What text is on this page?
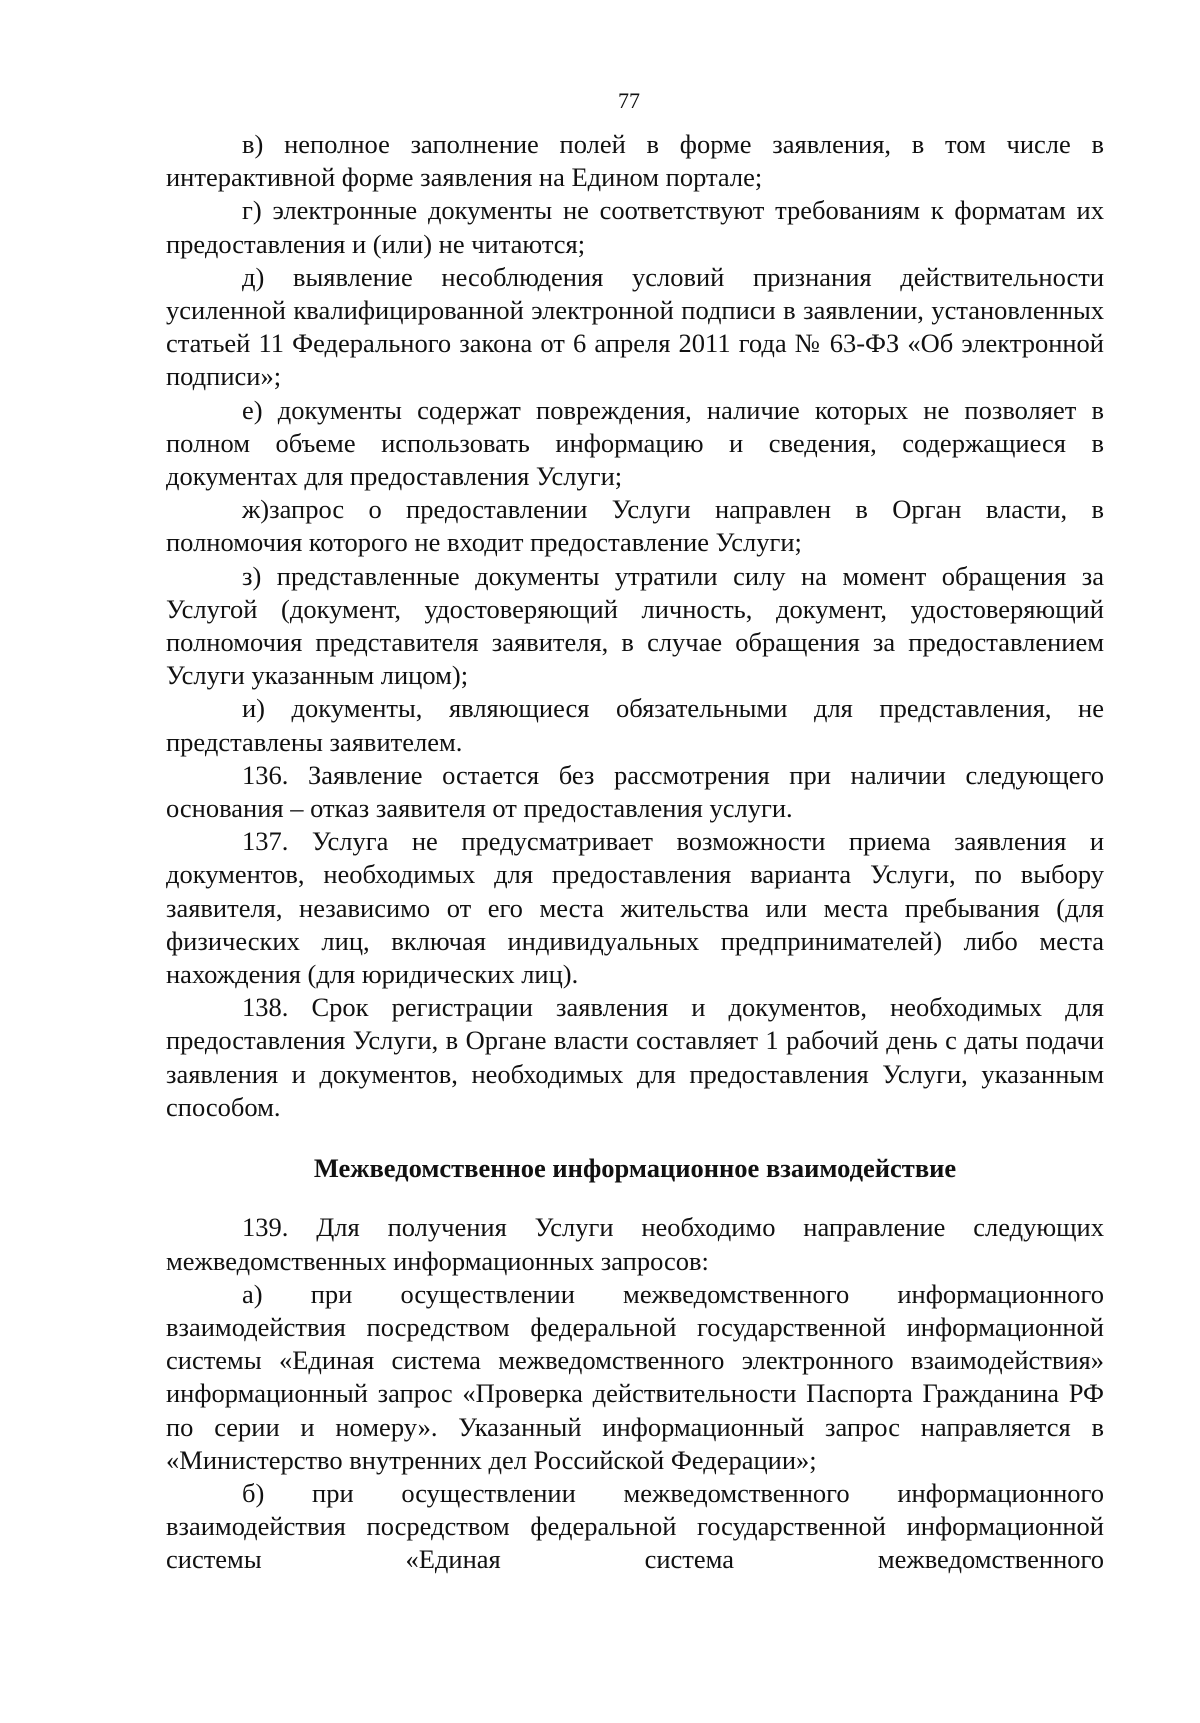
77

в) неполное заполнение полей в форме заявления, в том числе в интерактивной форме заявления на Едином портале;

г) электронные документы не соответствуют требованиям к форматам их предоставления и (или) не читаются;

д) выявление несоблюдения условий признания действительности усиленной квалифицированной электронной подписи в заявлении, установленных статьей 11 Федерального закона от 6 апреля 2011 года № 63-ФЗ «Об электронной подписи»;

е) документы содержат повреждения, наличие которых не позволяет в полном объеме использовать информацию и сведения, содержащиеся в документах для предоставления Услуги;

ж)запрос о предоставлении Услуги направлен в Орган власти, в полномочия которого не входит предоставление Услуги;

з) представленные документы утратили силу на момент обращения за Услугой (документ, удостоверяющий личность, документ, удостоверяющий полномочия представителя заявителя, в случае обращения за предоставлением Услуги указанным лицом);

и) документы, являющиеся обязательными для представления, не представлены заявителем.

136. Заявление остается без рассмотрения при наличии следующего основания – отказ заявителя от предоставления услуги.

137. Услуга не предусматривает возможности приема заявления и документов, необходимых для предоставления варианта Услуги, по выбору заявителя, независимо от его места жительства или места пребывания (для физических лиц, включая индивидуальных предпринимателей) либо места нахождения (для юридических лиц).

138. Срок регистрации заявления и документов, необходимых для предоставления Услуги, в Органе власти составляет 1 рабочий день с даты подачи заявления и документов, необходимых для предоставления Услуги, указанным способом.

Межведомственное информационное взаимодействие

139. Для получения Услуги необходимо направление следующих межведомственных информационных запросов:

а) при осуществлении межведомственного информационного взаимодействия посредством федеральной государственной информационной системы «Единая система межведомственного электронного взаимодействия» информационный запрос «Проверка действительности Паспорта Гражданина РФ по серии и номеру». Указанный информационный запрос направляется в «Министерство внутренних дел Российской Федерации»;

б) при осуществлении межведомственного информационного взаимодействия посредством федеральной государственной информационной системы «Единая система межведомственного
